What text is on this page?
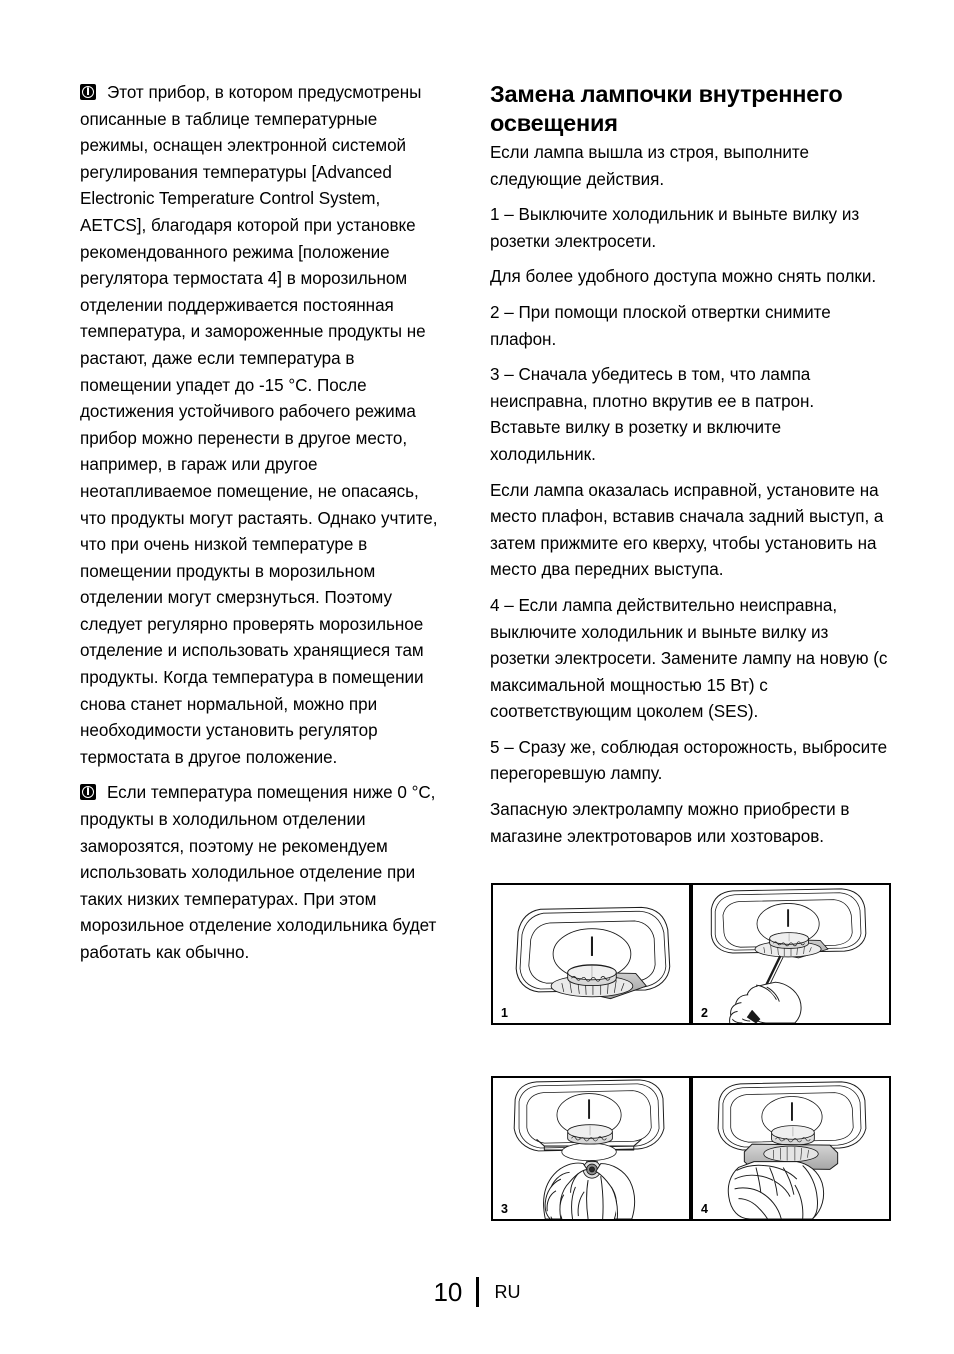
Этот прибор, в котором предусмотрены описанные в таблице температурные режимы, оснащен электронной системой регулирования температуры [Advanced Electronic Temperature Control System, AETCS], благодаря которой при установке рекомендованного режима [положение регулятора термостата 4] в морозильном отделении поддерживается постоянная температура, и замороженные продукты не растают, даже если температура в помещении упадет до -15 °C. После достижения устойчивого рабочего режима прибор можно перенести в другое место, например, в гараж или другое неотапливаемое помещение, не опасаясь, что продукты могут растаять. Однако учтите, что при очень низкой температуре в помещении продукты в морозильном отделении могут смерзнуться. Поэтому следует регулярно проверять морозильное отделение и использовать хранящиеся там продукты. Когда температура в помещении снова станет нормальной, можно при необходимости установить регулятор термостата в другое положение.

Если температура помещения ниже 0 °C, продукты в холодильном отделении заморозятся, поэтому не рекомендуем использовать холодильное отделение при таких низких температурах. При этом морозильное отделение холодильника будет работать как обычно.

Замена лампочки внутреннего освещения

Если лампа вышла из строя, выполните следующие действия.

1 – Выключите холодильник и выньте вилку из розетки электросети.

Для более удобного доступа можно снять полки.

2 – При помощи плоской отвертки снимите плафон.

3 – Сначала убедитесь в том, что лампа неисправна, плотно вкрутив ее в патрон. Вставьте вилку в розетку и включите холодильник.

Если лампа оказалась исправной, установите на место плафон, вставив сначала задний выступ, а затем прижмите его кверху, чтобы установить на место два передних выступа.

4 – Если лампа действительно неисправна, выключите холодильник и выньте вилку из розетки электросети. Замените лампу на новую (с максимальной мощностью 15 Вт) с соответствующим цоколем (SES).

5 – Сразу же, соблюдая осторожность, выбросите перегоревшую лампу.

Запасную электролампу можно приобрести в магазине электротоваров или хозтоваров.

1	2
3	4
10	RU
